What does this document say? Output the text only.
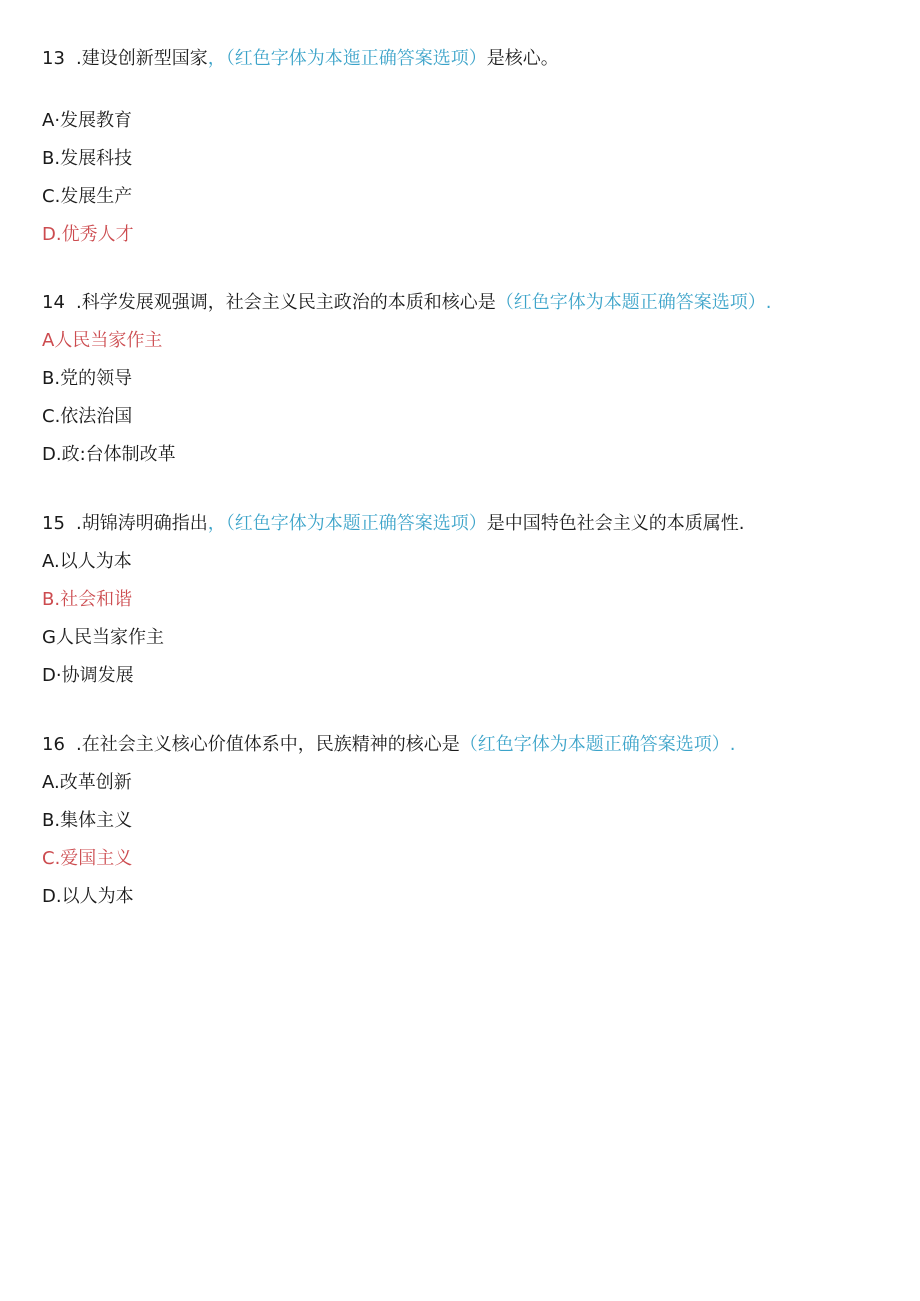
13 .建设创新型国家，（红色字体为本迤正确答案选项）是核心。
A·发展教育
B.发展科技
C.发展生产
D.优秀人才
14 .科学发展观强调，社会主义民主政治的本质和核心是（红色字体为本题正确答案选项）.
A人民当家作主
B.党的领导
C.依法治国
D.政:台体制改革
15 .胡锦涛明确指出，（红色字体为本题正确答案选项）是中国特色社会主义的本质属性.
A.以人为本
B.社会和谐
G人民当家作主
D·协调发展
16 .在社会主义核心价值体系中，民族精神的核心是（红色字体为本题正确答案选项）.
A.改革创新
B.集体主义
C.爱国主义
D.以人为本
